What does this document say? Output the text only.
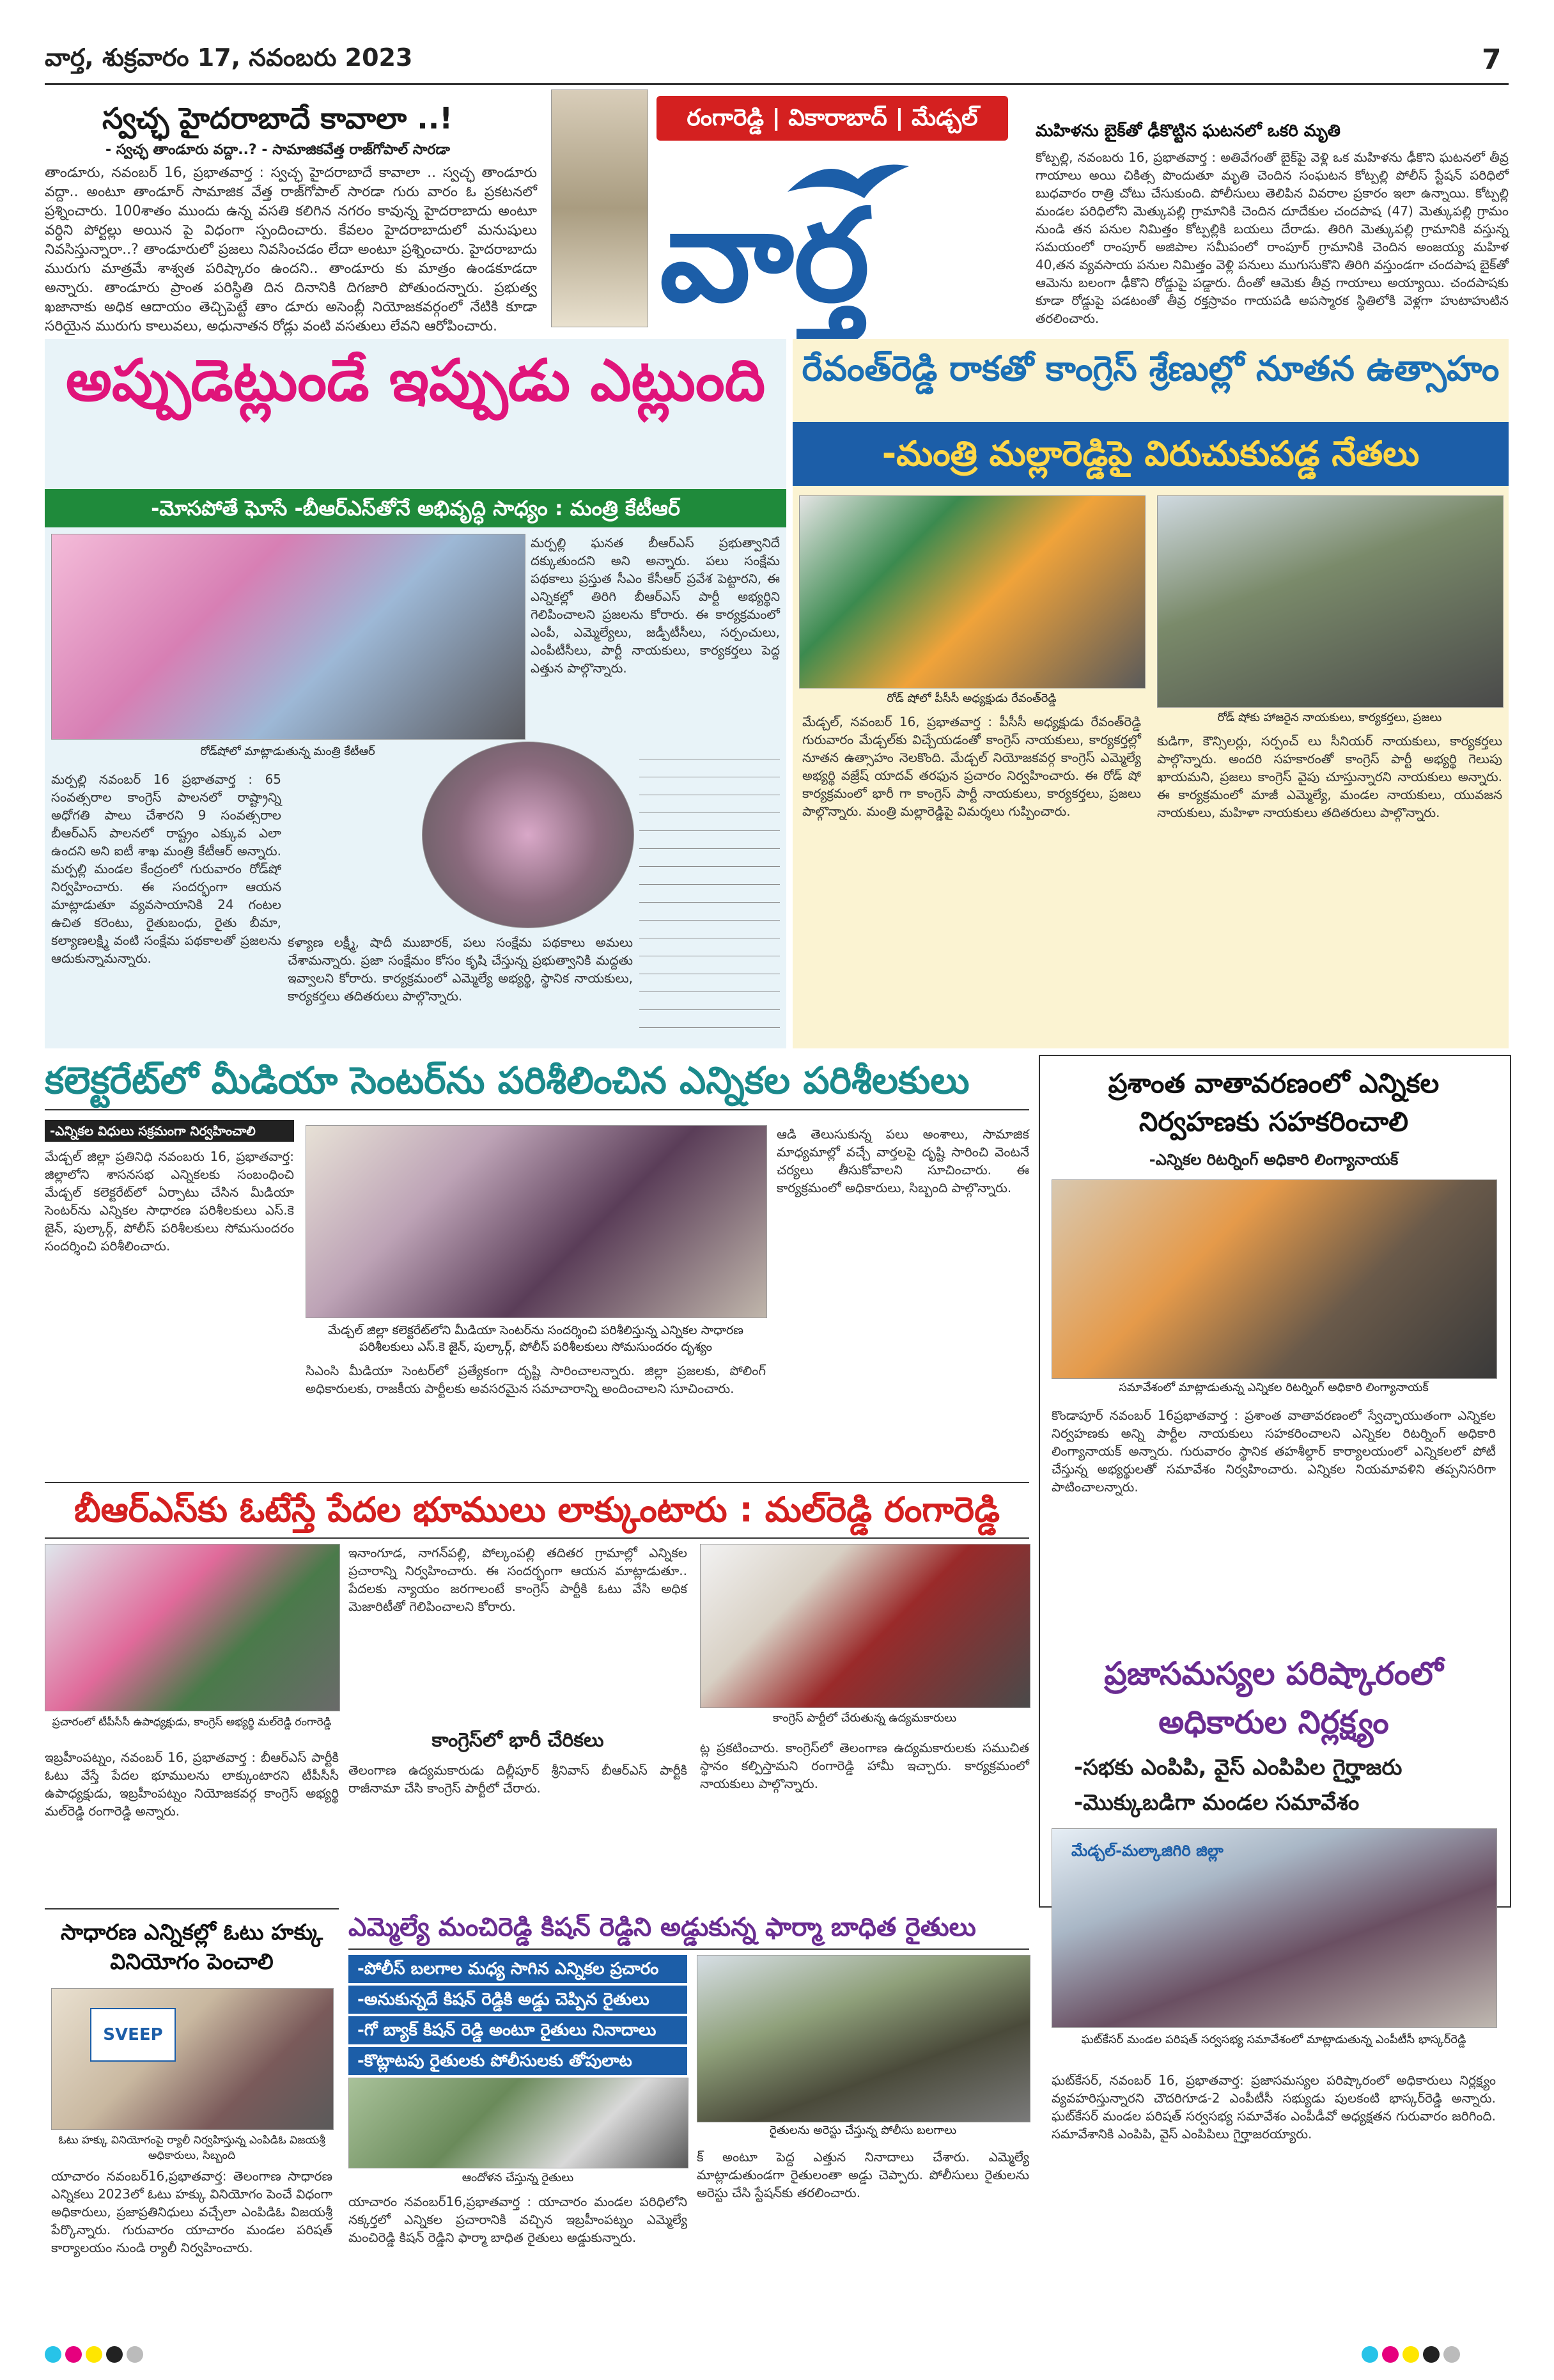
వార్త, శుక్రవారం 17, నవంబరు 2023	7
స్వచ్ఛ హైదరాబాదే కావాలా ..!
- స్వచ్ఛ తాండూరు వద్దా..? - సామాజికవేత్త రాజ్‌గోపాల్ సారడా
తాండూరు, నవంబర్ 16, ప్రభాతవార్త : స్వచ్ఛ హైదరాబాదే కావాలా .. స్వచ్ఛ తాండూరు వద్దా.. అంటూ తాండూర్ సామాజిక వేత్త రాజ్‌గోపాల్ సారడా గురు వారం ఓ ప్రకటనలో ప్రశ్నించారు. 100శాతం ముందు ఉన్న వసతి కలిగిన నగరం కావున్న హైదరాబాదు అంటూ వర్ధిని పోర్టల్లు అయిన పై విధంగా స్పందించారు. కేవలం హైదరాబాదులో మనుషులు నివసిస్తున్నారా..? తాండూరులో ప్రజలు నివసించడం లేదా అంటూ ప్రశ్నించారు. హైదరాబాదు మురుగు మాత్రమే శాశ్వత పరిష్కారం ఉందని.. తాండూరు కు మాత్రం ఉండకూడదా అన్నారు. తాండూరు ప్రాంత పరిస్థితి దిన దినానికి దిగజారి పోతుందన్నారు. ప్రభుత్వ ఖజానాకు అధిక ఆదాయం తెచ్చిపెట్టే తాం డూరు అసెంబ్లీ నియోజకవర్గంలో నేటికి కూడా సరియైన మురుగు కాలువలు, అధునాతన రోడ్లు వంటి వసతులు లేవని ఆరోపించారు.
రంగారెడ్డి | వికారాబాద్ | మేడ్చల్
వార్త
మహిళను బైక్‌తో ఢీకొట్టిన ఘటనలో ఒకరి మృతి
కోట్పల్లి, నవంబరు 16, ప్రభాతవార్త : అతివేగంతో బైక్‌పై వెళ్లి ఒక మహిళను ఢీకొని ఘటనలో తీవ్ర గాయాలు అయి చికిత్స పొందుతూ మృతి చెందిన సంఘటన కోట్పల్లి పోలీస్ స్టేషన్ పరిధిలో బుధవారం రాత్రి చోటు చేసుకుంది. పోలీసులు తెలిపిన వివరాల ప్రకారం ఇలా ఉన్నాయి. కోట్పల్లి మండల పరిధిలోని మెత్కుపల్లి గ్రామానికి చెందిన దూదేకుల చందపాష (47) మెత్కుపల్లి గ్రామం నుండి తన పనుల నిమిత్తం కోట్పల్లికి బయలు దేరాడు. తిరిగి మెత్కుపల్లి గ్రామానికి వస్తున్న సమయంలో రాంపూర్ అజిపాల సమీపంలో రాంపూర్ గ్రామానికి చెందిన అంజయ్య మహిళ 40,తన వ్యవసాయ పనుల నిమిత్తం వెళ్లి పనులు ముగుసుకొని తిరిగి వస్తుండగా చందపాష బైక్‌తో ఆమెను బలంగా ఢీకొని రోడ్డుపై పడ్డారు. దీంతో ఆమెకు తీవ్ర గాయాలు అయ్యాయి. చందపాషకు కూడా రోడ్డుపై పడటంతో తీవ్ర రక్తస్రావం గాయపడి అపస్మారక స్థితిలోకి వెళ్లగా హుటాహుటిన తరలించారు.
అప్పుడెట్లుండే ఇప్పుడు ఎట్లుంది
-మోసపోతే ఘోసే -బీఆర్ఎస్‌తోనే అభివృద్ధి సాధ్యం : మంత్రి కేటీఆర్
రోడ్‌షోలో మాట్లాడుతున్న మంత్రి కేటీఆర్
మర్పల్లి నవంబర్ 16 ప్రభాతవార్త : 65 సంవత్సరాల కాంగ్రెస్ పాలనలో రాష్ట్రాన్ని అధోగతి పాలు చేశారని 9 సంవత్సరాల బీఆర్ఎస్ పాలనలో రాష్ట్రం ఎక్కువ ఎలా ఉందని అని ఐటీ శాఖ మంత్రి కేటీఆర్ అన్నారు. మర్పల్లి మండల కేంద్రంలో గురువారం రోడ్‌షో నిర్వహించారు. ఈ సందర్భంగా ఆయన మాట్లాడుతూ వ్యవసాయానికి 24 గంటల ఉచిత కరెంటు, రైతుబంధు, రైతు బీమా, కల్యాణలక్ష్మి వంటి సంక్షేమ పథకాలతో ప్రజలను ఆదుకున్నామన్నారు.
కళ్యాణ లక్ష్మీ, షాదీ ముబారక్, పలు సంక్షేమ పథకాలు అమలు చేశామన్నారు. ప్రజా సంక్షేమం కోసం కృషి చేస్తున్న ప్రభుత్వానికి మద్దతు ఇవ్వాలని కోరారు. కార్యక్రమంలో ఎమ్మెల్యే అభ్యర్థి, స్థానిక నాయకులు, కార్యకర్తలు తదితరులు పాల్గొన్నారు.
మర్పల్లి ఘనత బీఆర్ఎస్ ప్రభుత్వానిదే దక్కుతుందని అని అన్నారు. పలు సంక్షేమ పథకాలు ప్రస్తుత సీఎం కేసీఆర్ ప్రవేశ పెట్టారని, ఈ ఎన్నికల్లో తిరిగి బీఆర్ఎస్ పార్టీ అభ్యర్థిని గెలిపించాలని ప్రజలను కోరారు. ఈ కార్యక్రమంలో ఎంపీ, ఎమ్మెల్యేలు, జడ్పీటీసీలు, సర్పంచులు, ఎంపీటీసీలు, పార్టీ నాయకులు, కార్యకర్తలు పెద్ద ఎత్తున పాల్గొన్నారు.
రేవంత్‌రెడ్డి రాకతో కాంగ్రెస్ శ్రేణుల్లో నూతన ఉత్సాహం
-మంత్రి మల్లారెడ్డిపై విరుచుకుపడ్డ నేతలు
రోడ్ షోలో పీసీసీ అధ్యక్షుడు రేవంత్‌రెడ్డి
రోడ్ షోకు హాజరైన నాయకులు, కార్యకర్తలు, ప్రజలు
మేడ్చల్, నవంబర్ 16, ప్రభాతవార్త : పీసీసీ అధ్యక్షుడు రేవంత్‌రెడ్డి గురువారం మేడ్చల్‌కు విచ్చేయడంతో కాంగ్రెస్ నాయకులు, కార్యకర్తల్లో నూతన ఉత్సాహం నెలకొంది. మేడ్చల్ నియోజకవర్గ కాంగ్రెస్ ఎమ్మెల్యే అభ్యర్థి వజ్రేష్ యాదవ్ తరఫున ప్రచారం నిర్వహించారు. ఈ రోడ్ షో కార్యక్రమంలో భారీ గా కాంగ్రెస్ పార్టీ నాయకులు, కార్యకర్తలు, ప్రజలు పాల్గొన్నారు. మంత్రి మల్లారెడ్డిపై విమర్శలు గుప్పించారు.
కుడిగా, కౌన్సిలర్లు, సర్పంచ్ లు సీనియర్ నాయకులు, కార్యకర్తలు పాల్గొన్నారు. అందరి సహకారంతో కాంగ్రెస్ పార్టీ అభ్యర్థి గెలుపు ఖాయమని, ప్రజలు కాంగ్రెస్ వైపు చూస్తున్నారని నాయకులు అన్నారు. ఈ కార్యక్రమంలో మాజీ ఎమ్మెల్యే, మండల నాయకులు, యువజన నాయకులు, మహిళా నాయకులు తదితరులు పాల్గొన్నారు.
కలెక్టరేట్‌లో మీడియా సెంటర్‌ను పరిశీలించిన ఎన్నికల పరిశీలకులు
-ఎన్నికల విధులు సక్రమంగా నిర్వహించాలి
మేడ్చల్ జిల్లా ప్రతినిధి నవంబరు 16, ప్రభాతవార్త: జిల్లాలోని శాసనసభ ఎన్నికలకు సంబంధించి మేడ్చల్ కలెక్టరేట్‌లో ఏర్పాటు చేసిన మీడియా సెంటర్‌ను ఎన్నికల సాధారణ పరిశీలకులు ఎస్.కె జైన్, పుల్కార్గ్, పోలీస్ పరిశీలకులు సోమసుందరం సందర్శించి పరిశీలించారు.
మేడ్చల్ జిల్లా కలెక్టరేట్‌లోని మీడియా సెంటర్‌ను సందర్శించి పరిశీలిస్తున్న ఎన్నికల సాధారణ పరిశీలకులు ఎస్.కె జైన్, పుల్కార్గ్, పోలీస్ పరిశీలకులు సోమసుందరం దృశ్యం
సిఎంసి మీడియా సెంటర్‌లో ప్రత్యేకంగా దృష్టి సారించాలన్నారు. జిల్లా ప్రజలకు, పోలింగ్ అధికారులకు, రాజకీయ పార్టీలకు అవసరమైన సమాచారాన్ని అందించాలని సూచించారు.
ఆడి తెలుసుకున్న పలు అంశాలు, సామాజిక మాధ్యమాల్లో వచ్చే వార్తలపై దృష్టి సారించి వెంటనే చర్యలు తీసుకోవాలని సూచించారు. ఈ కార్యక్రమంలో అధికారులు, సిబ్బంది పాల్గొన్నారు.
ప్రశాంత వాతావరణంలో ఎన్నికల నిర్వహణకు సహకరించాలి
-ఎన్నికల రిటర్నింగ్ అధికారి లింగ్యానాయక్
సమావేశంలో మాట్లాడుతున్న ఎన్నికల రిటర్నింగ్ అధికారి లింగ్యానాయక్
కొండాపూర్ నవంబర్ 16ప్రభాతవార్త : ప్రశాంత వాతావరణంలో స్వేచ్ఛాయుతంగా ఎన్నికల నిర్వహణకు అన్ని పార్టీల నాయకులు సహకరించాలని ఎన్నికల రిటర్నింగ్ అధికారి లింగ్యానాయక్ అన్నారు. గురువారం స్థానిక తహశీల్దార్ కార్యాలయంలో ఎన్నికలలో పోటీ చేస్తున్న అభ్యర్థులతో సమావేశం నిర్వహించారు. ఎన్నికల నియమావళిని తప్పనిసరిగా పాటించాలన్నారు.
ప్రజాసమస్యల పరిష్కారంలో అధికారుల నిర్లక్ష్యం
-సభకు ఎంపిపి, వైస్ ఎంపిపిల గైర్హాజరు
-మొక్కుబడిగా మండల సమావేశం
మేడ్చల్-మల్కాజిగిరి జిల్లా
ఘట్‌కేసర్ మండల పరిషత్ సర్వసభ్య సమావేశంలో మాట్లాడుతున్న ఎంపీటీసీ భాస్కర్‌రెడ్డి
ఘట్‌కేసర్, నవంబర్ 16, ప్రభాతవార్త: ప్రజాసమస్యల పరిష్కారంలో అధికారులు నిర్లక్ష్యం వ్యవహరిస్తున్నారని చౌదరిగూడ-2 ఎంపీటీసీ సభ్యుడు పులకంటి భాస్కర్‌రెడ్డి అన్నారు. ఘట్‌కేసర్ మండల పరిషత్ సర్వసభ్య సమావేశం ఎంపీడీవో అధ్యక్షతన గురువారం జరిగింది. సమావేశానికి ఎంపిపి, వైస్ ఎంపిపిలు గైర్హాజరయ్యారు.
బీఆర్ఎస్‌కు ఓటేస్తే పేదల భూములు లాక్కుంటారు : మల్‌రెడ్డి రంగారెడ్డి
ప్రచారంలో టీపీసీసీ ఉపాధ్యక్షుడు, కాంగ్రెస్ అభ్యర్థి మల్‌రెడ్డి రంగారెడ్డి
ఇబ్రహీంపట్నం, నవంబర్ 16, ప్రభాతవార్త : బీఆర్ఎస్ పార్టీకి ఓటు వేస్తే పేదల భూములను లాక్కుంటారని టీపీసీసీ ఉపాధ్యక్షుడు, ఇబ్రహీంపట్నం నియోజకవర్గ కాంగ్రెస్ అభ్యర్థి మల్‌రెడ్డి రంగారెడ్డి అన్నారు.
ఇనాంగూడ, నాగన్‌పల్లి, పోల్కంపల్లి తదితర గ్రామాల్లో ఎన్నికల ప్రచారాన్ని నిర్వహించారు. ఈ సందర్భంగా ఆయన మాట్లాడుతూ.. పేదలకు న్యాయం జరగాలంటే కాంగ్రెస్ పార్టీకి ఓటు వేసి అధిక మెజారిటీతో గెలిపించాలని కోరారు.
కాంగ్రెస్‌లో భారీ చేరికలు
తెలంగాణ ఉద్యమకారుడు దిల్లీపూర్ శ్రీనివాస్ బీఆర్ఎస్ పార్టీకి రాజీనామా చేసి కాంగ్రెస్ పార్టీలో చేరారు.
కాంగ్రెస్ పార్టీలో చేరుతున్న ఉద్యమకారులు
ట్ల ప్రకటించారు. కాంగ్రెస్‌లో తెలంగాణ ఉద్యమకారులకు సముచిత స్థానం కల్పిస్తామని రంగారెడ్డి హామీ ఇచ్చారు. కార్యక్రమంలో నాయకులు పాల్గొన్నారు.
సాధారణ ఎన్నికల్లో ఓటు హక్కు వినియోగం పెంచాలి
SVEEP
ఓటు హక్కు వినియోగంపై ర్యాలీ నిర్వహిస్తున్న ఎంపిడిఓ విజయశ్రీ అధికారులు, సిబ్బంది
యాచారం నవంబర్16,ప్రభాతవార్త: తెలంగాణ సాధారణ ఎన్నికలు 2023లో ఓటు హక్కు వినియోగం పెంచే విధంగా అధికారులు, ప్రజాప్రతినిధులు వచ్చేలా ఎంపిడిఓ విజయశ్రీ పేర్కొన్నారు. గురువారం యాచారం మండల పరిషత్ కార్యాలయం నుండి ర్యాలీ నిర్వహించారు.
ఎమ్మెల్యే మంచిరెడ్డి కిషన్ రెడ్డిని అడ్డుకున్న ఫార్మా బాధిత రైతులు
-పోలీస్ బలగాల మధ్య సాగిన ఎన్నికల ప్రచారం
-అనుకున్నదే కిషన్ రెడ్డికి అడ్డు చెప్పిన రైతులు
-గో బ్యాక్ కిషన్ రెడ్డి అంటూ రైతులు నినాదాలు
-కొట్లాటపు రైతులకు పోలీసులకు తోపులాట
రైతులను అరెస్టు చేస్తున్న పోలీసు బలగాలు
ఆందోళన చేస్తున్న రైతులు
యాచారం నవంబర్16,ప్రభాతవార్త : యాచారం మండల పరిధిలోని నక్కర్తలో ఎన్నికల ప్రచారానికి వచ్చిన ఇబ్రహీంపట్నం ఎమ్మెల్యే మంచిరెడ్డి కిషన్ రెడ్డిని ఫార్మా బాధిత రైతులు అడ్డుకున్నారు.
క్ అంటూ పెద్ద ఎత్తున నినాదాలు చేశారు. ఎమ్మెల్యే మాట్లాడుతుండగా రైతులంతా అడ్డు చెప్పారు. పోలీసులు రైతులను అరెస్టు చేసి స్టేషన్‌కు తరలించారు.
